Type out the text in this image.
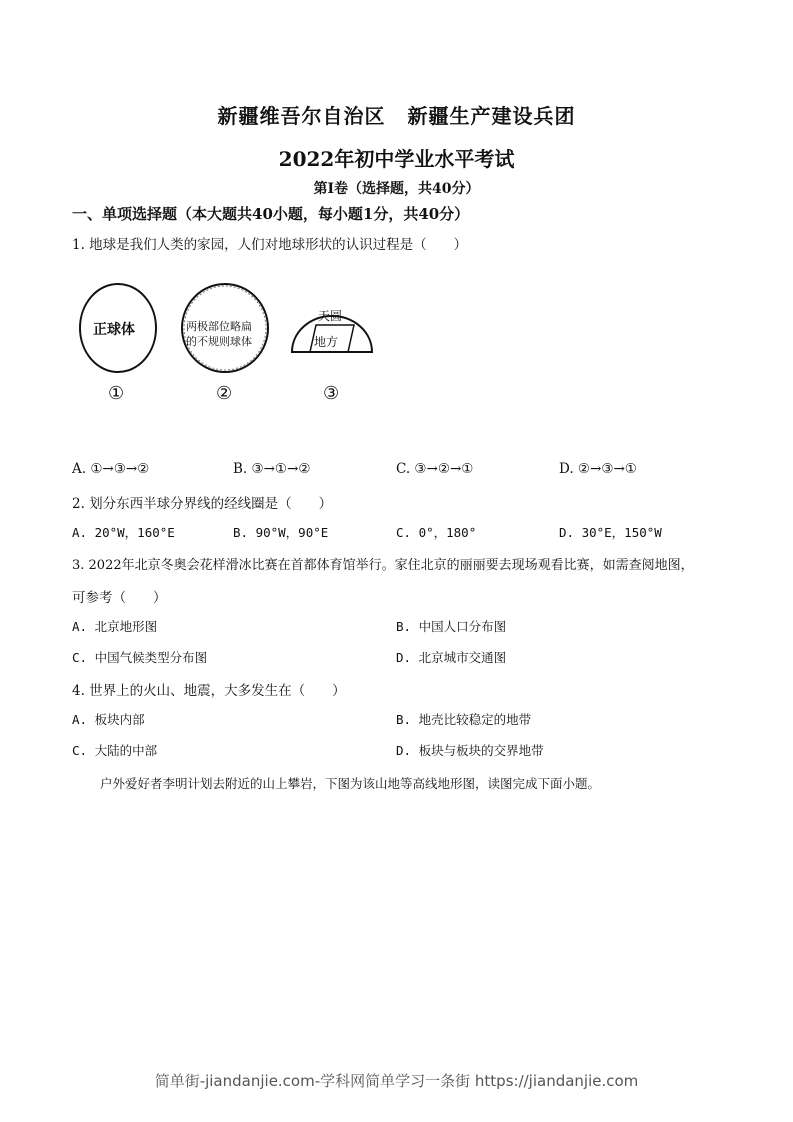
新疆维吾尔自治区 新疆生产建设兵团
2022年初中学业水平考试
第Ⅰ卷（选择题，共40分）
一、单项选择题（本大题共40小题，每小题1分，共40分）
1. 地球是我们人类的家园，人们对地球形状的认识过程是（　　）
正球体	两极部位略扁
的不规则球体
天圆
地方
①	②	③
A. ①→③→②	B. ③→①→②	C. ③→②→①	D. ②→③→①
2. 划分东西半球分界线的经线圈是（　　）
A. 20°W，160°E	B. 90°W，90°E	C. 0°，180°	D. 30°E，150°W
3. 2022年北京冬奥会花样滑冰比赛在首都体育馆举行。家住北京的丽丽要去现场观看比赛，如需查阅地图，
可参考（　　）
A. 北京地形图	B. 中国人口分布图
C. 中国气候类型分布图	D. 北京城市交通图
4. 世界上的火山、地震，大多发生在（　　）
A. 板块内部	B. 地壳比较稳定的地带
C. 大陆的中部	D. 板块与板块的交界地带
户外爱好者李明计划去附近的山上攀岩，下图为该山地等高线地形图，读图完成下面小题。
简单街-jiandanjie.com-学科网简单学习一条街 https://jiandanjie.com
